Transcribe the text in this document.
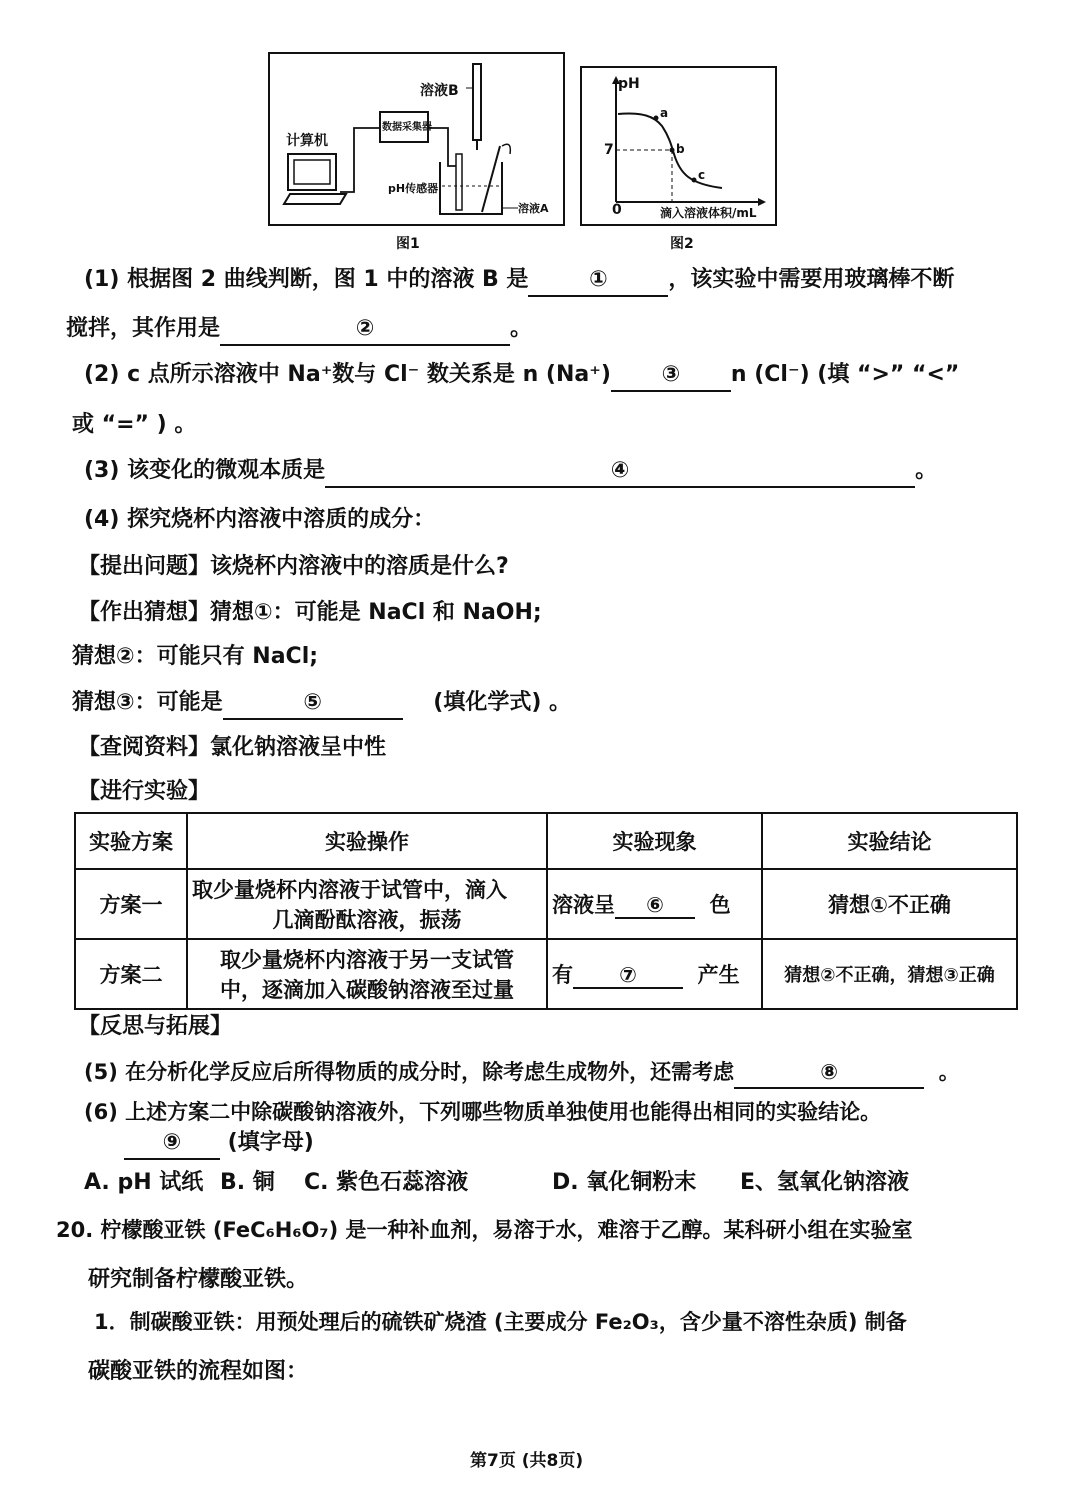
溶液B
计算机
数据采集器
pH传感器
溶液A
图1
pH
7
0	滴入溶液体积/mL
a
b
c
图2
(1) 根据图 2 曲线判断，图 1 中的溶液 B 是	①	，该实验中需要用玻璃棒不断
搅拌，其作用是	②	。
(2) c 点所示溶液中 Na⁺数与 Cl⁻ 数关系是 n (Na⁺) ③ n (Cl⁻) (填 “>” “<”
或 “=” ) 。
(3) 该变化的微观本质是	④	。
(4) 探究烧杯内溶液中溶质的成分：
【提出问题】该烧杯内溶液中的溶质是什么?
【作出猜想】猜想①：可能是 NaCl 和 NaOH;
猜想②：可能只有 NaCl;
猜想③：可能是	⑤	(填化学式) 。
【查阅资料】氯化钠溶液呈中性
【进行实验】
实验方案	实验操作	实验现象	实验结论
方案一	取少量烧杯内溶液于试管中，滴入
几滴酚酞溶液，振荡	溶液呈 ⑥ 色	猜想①不正确
方案二	取少量烧杯内溶液于另一支试管
中，逐滴加入碳酸钠溶液至过量	有 ⑦ 产生	猜想②不正确，猜想③正确
【反思与拓展】
(5) 在分析化学反应后所得物质的成分时，除考虑生成物外，还需考虑	⑧	。
(6) 上述方案二中除碳酸钠溶液外，下列哪些物质单独使用也能得出相同的实验结论。
⑨ (填字母)
A. pH 试纸 B. 铜 C. 紫色石蕊溶液	D. 氧化铜粉末 E、氢氧化钠溶液
20. 柠檬酸亚铁 (FeC₆H₆O₇) 是一种补血剂，易溶于水，难溶于乙醇。某科研小组在实验室
研究制备柠檬酸亚铁。
1．制碳酸亚铁：用预处理后的硫铁矿烧渣 (主要成分 Fe₂O₃，含少量不溶性杂质) 制备
碳酸亚铁的流程如图：
第7页 (共8页)
